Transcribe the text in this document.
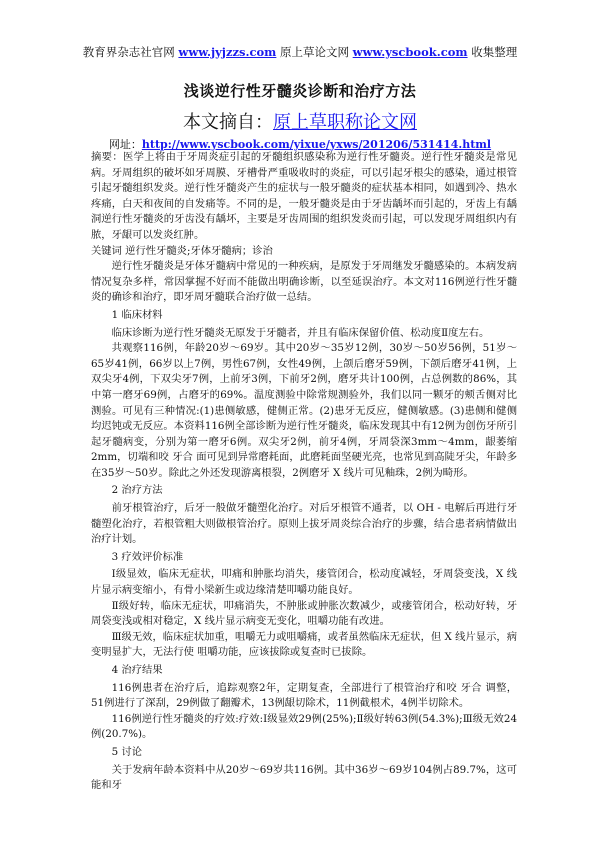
教育界杂志社官网 www.jyjzzs.com 原上草论文网 www.yscbook.com 收集整理
浅谈逆行性牙髓炎诊断和治疗方法
本文摘自：原上草职称论文网
网址：http://www.yscbook.com/yixue/yxws/201206/531414.html

摘要：医学上将由于牙周炎症引起的牙髓组织感染称为逆行性牙髓炎。逆行性牙髓炎是常见病。牙周组织的破坏如牙周膜、牙槽骨严重吸收时的炎症，可以引起牙根尖的感染，通过根管引起牙髓组织发炎。逆行性牙髓炎产生的症状与一般牙髓炎的症状基本相同，如遇到冷、热水疼痛，白天和夜间的自发痛等。不同的是，一般牙髓炎是由于牙齿龋坏而引起的，牙齿上有龋洞逆行性牙髓炎的牙齿没有龋坏，主要是牙齿周围的组织发炎而引起，可以发现牙周组织内有脓，牙龈可以发炎红肿。

关键词 逆行性牙髓炎;牙体牙髓病；诊治

逆行性牙髓炎是牙体牙髓病中常见的一种疾病，是原发于牙周继发牙髓感染的。本病发病情况复杂多样，常因掌握不好而不能做出明确诊断，以至延误治疗。本文对116例逆行性牙髓炎的确诊和治疗，即牙周牙髓联合治疗做一总结。

1 临床材料

临床诊断为逆行性牙髓炎无原发于牙髓者，并且有临床保留价值、松动度Ⅱ度左右。

共观察116例，年龄20岁～69岁。其中20岁～35岁12例，30岁～50岁56例，51岁～65岁41例，66岁以上7例，男性67例，女性49例，上颌后磨牙59例，下颌后磨牙41例，上双尖牙4例，下双尖牙7例，上前牙3例，下前牙2例，磨牙共计100例，占总例数的86%，其中第一磨牙69例，占磨牙的69%。温度测验中除常规测验外，我们以同一颗牙的颊舌侧对比测验。可见有三种情况:(1)患侧敏感，健侧正常。(2)患牙无反应，健侧敏感。(3)患侧和健侧均迟钝或无反应。本资料116例全部诊断为逆行性牙髓炎，临床发现其中有12例为创伤牙所引起牙髓病变，分别为第一磨牙6例。双尖牙2例，前牙4例，牙周袋深3mm～4mm，龈萎缩2mm，切端和咬 牙合 面可见到异常磨耗面，此磨耗面坚硬光亮，也常见到高陡牙尖，年龄多在35岁～50岁。除此之外还发现游离根裂，2例磨牙 X 线片可见釉珠，2例为畸形。

2 治疗方法

前牙根管治疗，后牙一般做牙髓塑化治疗。对后牙根管不通者，以 OH - 电解后再进行牙髓塑化治疗，若根管粗大则做根管治疗。原则上拔牙周炎综合治疗的步骤，结合患者病情做出治疗计划。

3 疗效评价标准

Ⅰ级显效，临床无症状，叩痛和肿胀均消失，瘘管闭合，松动度减轻，牙周袋变浅，X 线片显示病变缩小，有骨小梁新生或边缘清楚叩嚼功能良好。

Ⅱ级好转，临床无症状，叩痛消失，不肿胀或肿胀次数减少，或瘘管闭合，松动好转，牙周袋变浅或相对稳定，X 线片显示病变无变化，咀嚼功能有改进。

Ⅲ级无效，临床症状加重，咀嚼无力或咀嚼痛，或者虽然临床无症状，但 X 线片显示，病变明显扩大，无法行使 咀嚼功能，应该拔除或复查时已拔除。

4 治疗结果

116例患者在治疗后，追踪观察2年，定期复查，全部进行了根管治疗和咬 牙合 调整，51例进行了深刮，29例做了翻瓣术，13例龈切除术，11例截根术，4例半切除术。

116例逆行性牙髓炎的疗效:疗效:Ⅰ级显效29例(25%);Ⅱ级好转63例(54.3%);Ⅲ级无效24例(20.7%)。

5 讨论

关于发病年龄本资料中从20岁～69岁共116例。其中36岁～69岁104例占89.7%，这可能和牙
